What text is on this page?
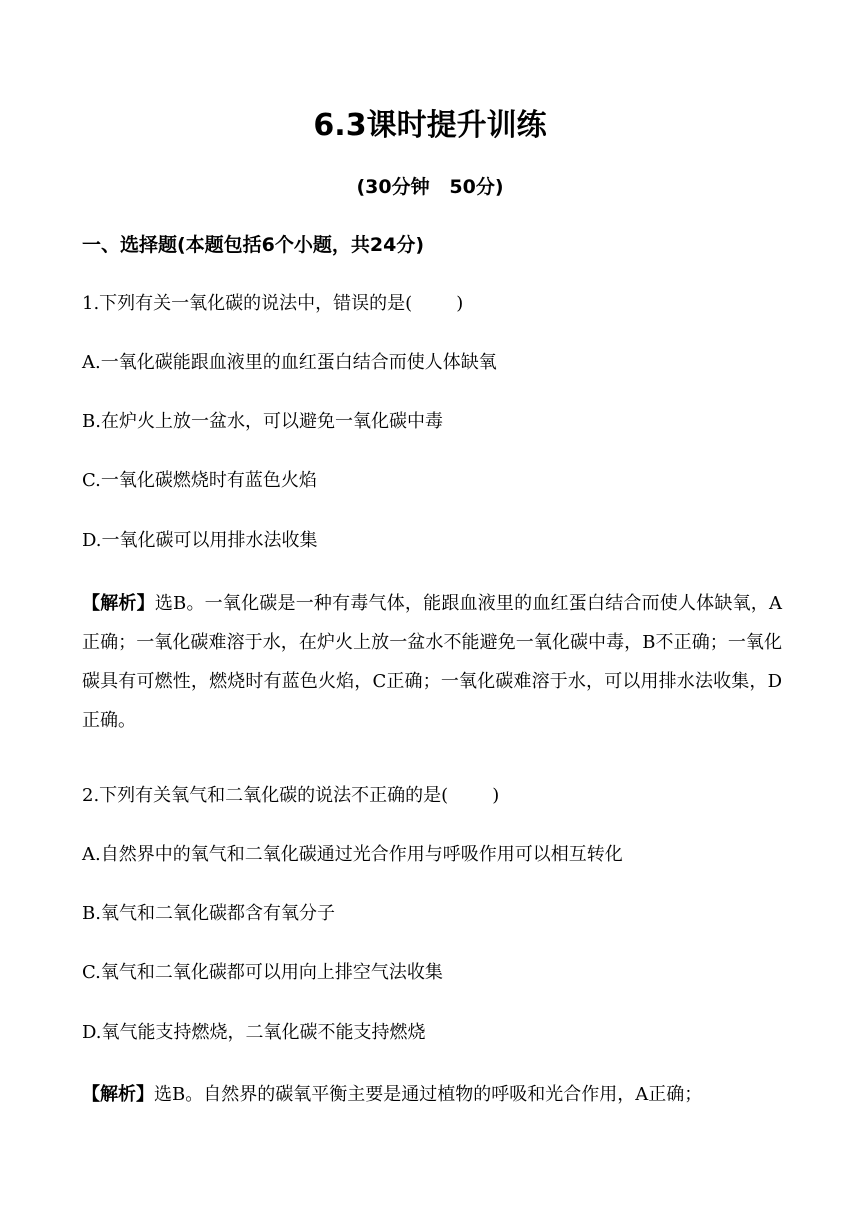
6.3课时提升训练
(30分钟   50分)
一、选择题(本题包括6个小题，共24分)
1.下列有关一氧化碳的说法中，错误的是( )
A.一氧化碳能跟血液里的血红蛋白结合而使人体缺氧
B.在炉火上放一盆水，可以避免一氧化碳中毒
C.一氧化碳燃烧时有蓝色火焰
D.一氧化碳可以用排水法收集
【解析】选B。一氧化碳是一种有毒气体，能跟血液里的血红蛋白结合而使人体缺氧，A正确；一氧化碳难溶于水，在炉火上放一盆水不能避免一氧化碳中毒，B不正确；一氧化碳具有可燃性，燃烧时有蓝色火焰，C正确；一氧化碳难溶于水，可以用排水法收集，D正确。
2.下列有关氧气和二氧化碳的说法不正确的是( )
A.自然界中的氧气和二氧化碳通过光合作用与呼吸作用可以相互转化
B.氧气和二氧化碳都含有氧分子
C.氧气和二氧化碳都可以用向上排空气法收集
D.氧气能支持燃烧，二氧化碳不能支持燃烧
【解析】选B。自然界的碳氧平衡主要是通过植物的呼吸和光合作用，A正确；
